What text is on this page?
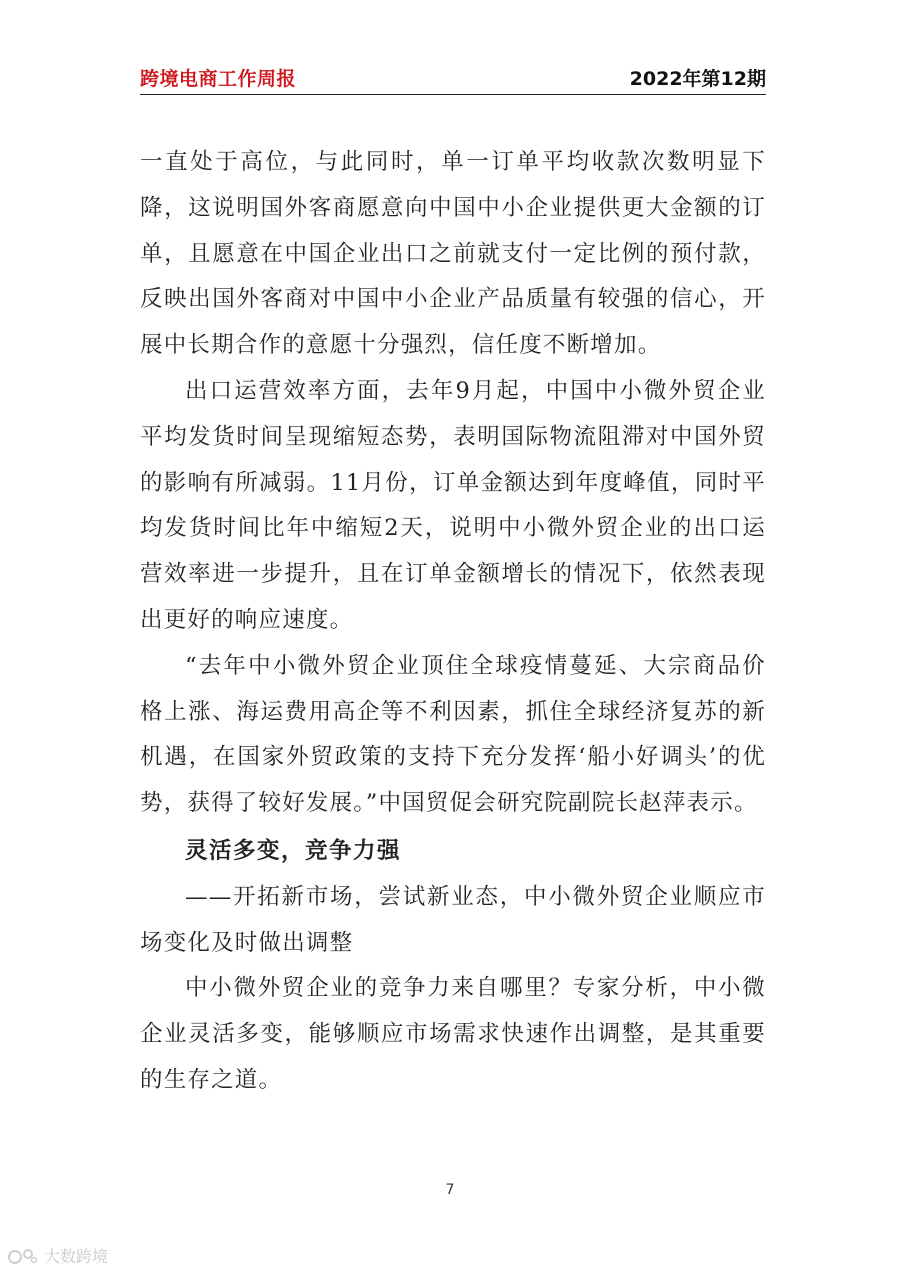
跨境电商工作周报	2022年第12期

一直处于高位，与此同时，单一订单平均收款次数明显下降，这说明国外客商愿意向中国中小企业提供更大金额的订单，且愿意在中国企业出口之前就支付一定比例的预付款，反映出国外客商对中国中小企业产品质量有较强的信心，开展中长期合作的意愿十分强烈，信任度不断增加。

出口运营效率方面，去年9月起，中国中小微外贸企业平均发货时间呈现缩短态势，表明国际物流阻滞对中国外贸的影响有所减弱。11月份，订单金额达到年度峰值，同时平均发货时间比年中缩短2天，说明中小微外贸企业的出口运营效率进一步提升，且在订单金额增长的情况下，依然表现出更好的响应速度。

“去年中小微外贸企业顶住全球疫情蔓延、大宗商品价格上涨、海运费用高企等不利因素，抓住全球经济复苏的新机遇，在国家外贸政策的支持下充分发挥‘船小好调头’的优势，获得了较好发展。”中国贸促会研究院副院长赵萍表示。

灵活多变，竞争力强

——开拓新市场，尝试新业态，中小微外贸企业顺应市场变化及时做出调整

中小微外贸企业的竞争力来自哪里？专家分析，中小微企业灵活多变，能够顺应市场需求快速作出调整，是其重要的生存之道。

7
大数跨境
